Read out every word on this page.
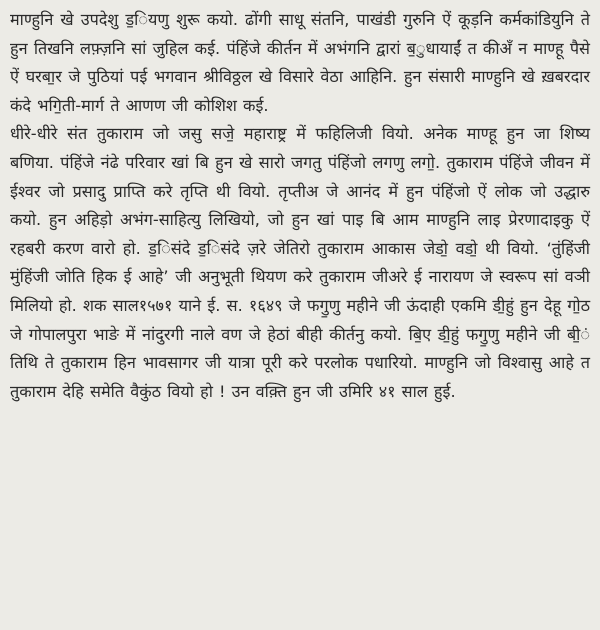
माण्हुनि खे उपदेशु ड॒ियणु शुरू कयो. ढोंगी साधू संतनि, पाखंडी गुरुनि ऐं कूड़नि कर्मकांडियुनि ते हुन तिखनि लफ़्ज़नि सां जुहिल कई. पंहिंजे कीर्तन में अभंगनि द्वारां ब॒ुधायाईं त कीअँ न माण्हू पैसे ऐं घरबा॒र जे पुठियां पई भगवान श्रीविठ्ठल खे विसारे वेठा आहिनि. हुन संसारी माण्हुनि खे ख़बरदार कंदे भगि॒ती-मार्ग ते आणण जी कोशिश कई.

धीरे-धीरे संत तुकाराम जो जसु सजे॒ महाराष्ट्र में फहिलिजी वियो. अनेक माण्हू हुन जा शिष्य बणिया. पंहिंजे नंढे परिवार खां बि हुन खे सारो जगतु पंहिंजो लगणु लगो॒. तुकाराम पंहिंजे जीवन में ईश्वर जो प्रसादु प्राप्ति करे तृप्ति थी वियो. तृप्तीअ जे आनंद में हुन पंहिंजो ऐं लोक जो उद्धारु कयो. हुन अहिड़ो अभंग-साहित्यु लिखियो, जो हुन खां पाइ बि आम माण्हुनि लाइ प्रेरणादाइकु ऐं रहबरी करण वारो हो. ड॒िसंदे ड॒िसंदे ज़रे जेतिरो तुकाराम आकास जेडो॒ वडो॒ थी वियो. ‘तुंहिंजी मुंहिंजी जोति हिक ई आहे’ जी अनुभूती थियण करे तुकाराम जीअरे ई नारायण जे स्वरूप सां वञी मिलियो हो. शक साल१५७१ याने ई. स. १६४९ जे फगु॒णु महीने जी ऊंदाही एकमि डी॒हुं हुन देहू गो॒ठ जे गोपालपुरा भाङे में नांदुरगी नाले वण जे हेठां बीही कीर्तनु कयो. बि॒ए डी॒हुं फगु॒णु महीने जी बी॒ं तिथि ते तुकाराम हिन भावसागर जी यात्रा पूरी करे परलोक पधारियो. माण्हुनि जो विश्वासु आहे त तुकाराम देहि समेति वैकुंठ वियो हो ! उन वक़्ति हुन जी उमिरि ४१ साल हुई.
